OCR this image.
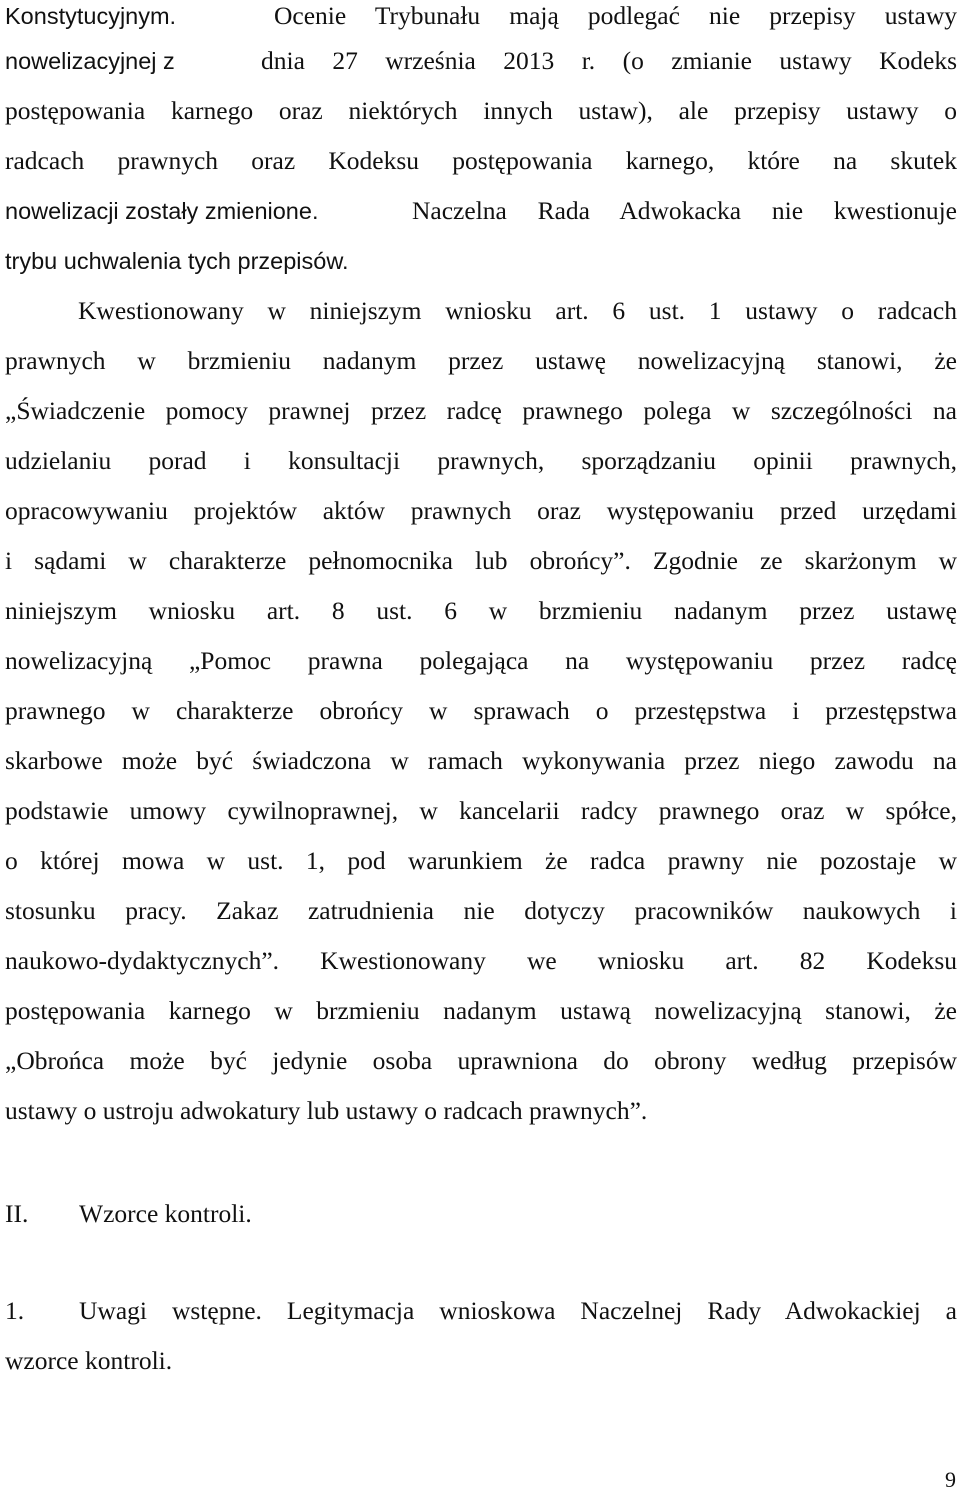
Konstytucyjnym.	Ocenie Trybunału mają podlegać nie przepisy ustawy
nowelizacyjnej z	dnia 27 września 2013 r. (o zmianie ustawy Kodeks
postępowania karnego oraz niektórych innych ustaw), ale przepisy ustawy o
radcach prawnych oraz Kodeksu postępowania karnego, które na skutek
nowelizacji zostały zmienione.	Naczelna Rada Adwokacka nie kwestionuje
trybu uchwalenia tych przepisów.
Kwestionowany w niniejszym wniosku art. 6 ust. 1 ustawy o radcach
prawnych w brzmieniu nadanym przez ustawę nowelizacyjną stanowi, że
„Świadczenie pomocy prawnej przez radcę prawnego polega w szczególności na
udzielaniu porad i konsultacji prawnych, sporządzaniu opinii prawnych,
opracowywaniu projektów aktów prawnych oraz występowaniu przed urzędami
i sądami w charakterze pełnomocnika lub obrońcy”. Zgodnie ze skarżonym w
niniejszym wniosku art. 8 ust. 6 w brzmieniu nadanym przez ustawę
nowelizacyjną „Pomoc prawna polegająca na występowaniu przez radcę
prawnego w charakterze obrońcy w sprawach o przestępstwa i przestępstwa
skarbowe może być świadczona w ramach wykonywania przez niego zawodu na
podstawie umowy cywilnoprawnej, w kancelarii radcy prawnego oraz w spółce,
o której mowa w ust. 1, pod warunkiem że radca prawny nie pozostaje w
stosunku pracy. Zakaz zatrudnienia nie dotyczy pracowników naukowych i
naukowo-dydaktycznych”. Kwestionowany we wniosku art. 82 Kodeksu
postępowania karnego w brzmieniu nadanym ustawą nowelizacyjną stanowi, że
„Obrońca może być jedynie osoba uprawniona do obrony według przepisów
ustawy o ustroju adwokatury lub ustawy o radcach prawnych”.
II. Wzorce kontroli.
1. Uwagi wstępne. Legitymacja wnioskowa Naczelnej Rady Adwokackiej a
wzorce kontroli.
9
